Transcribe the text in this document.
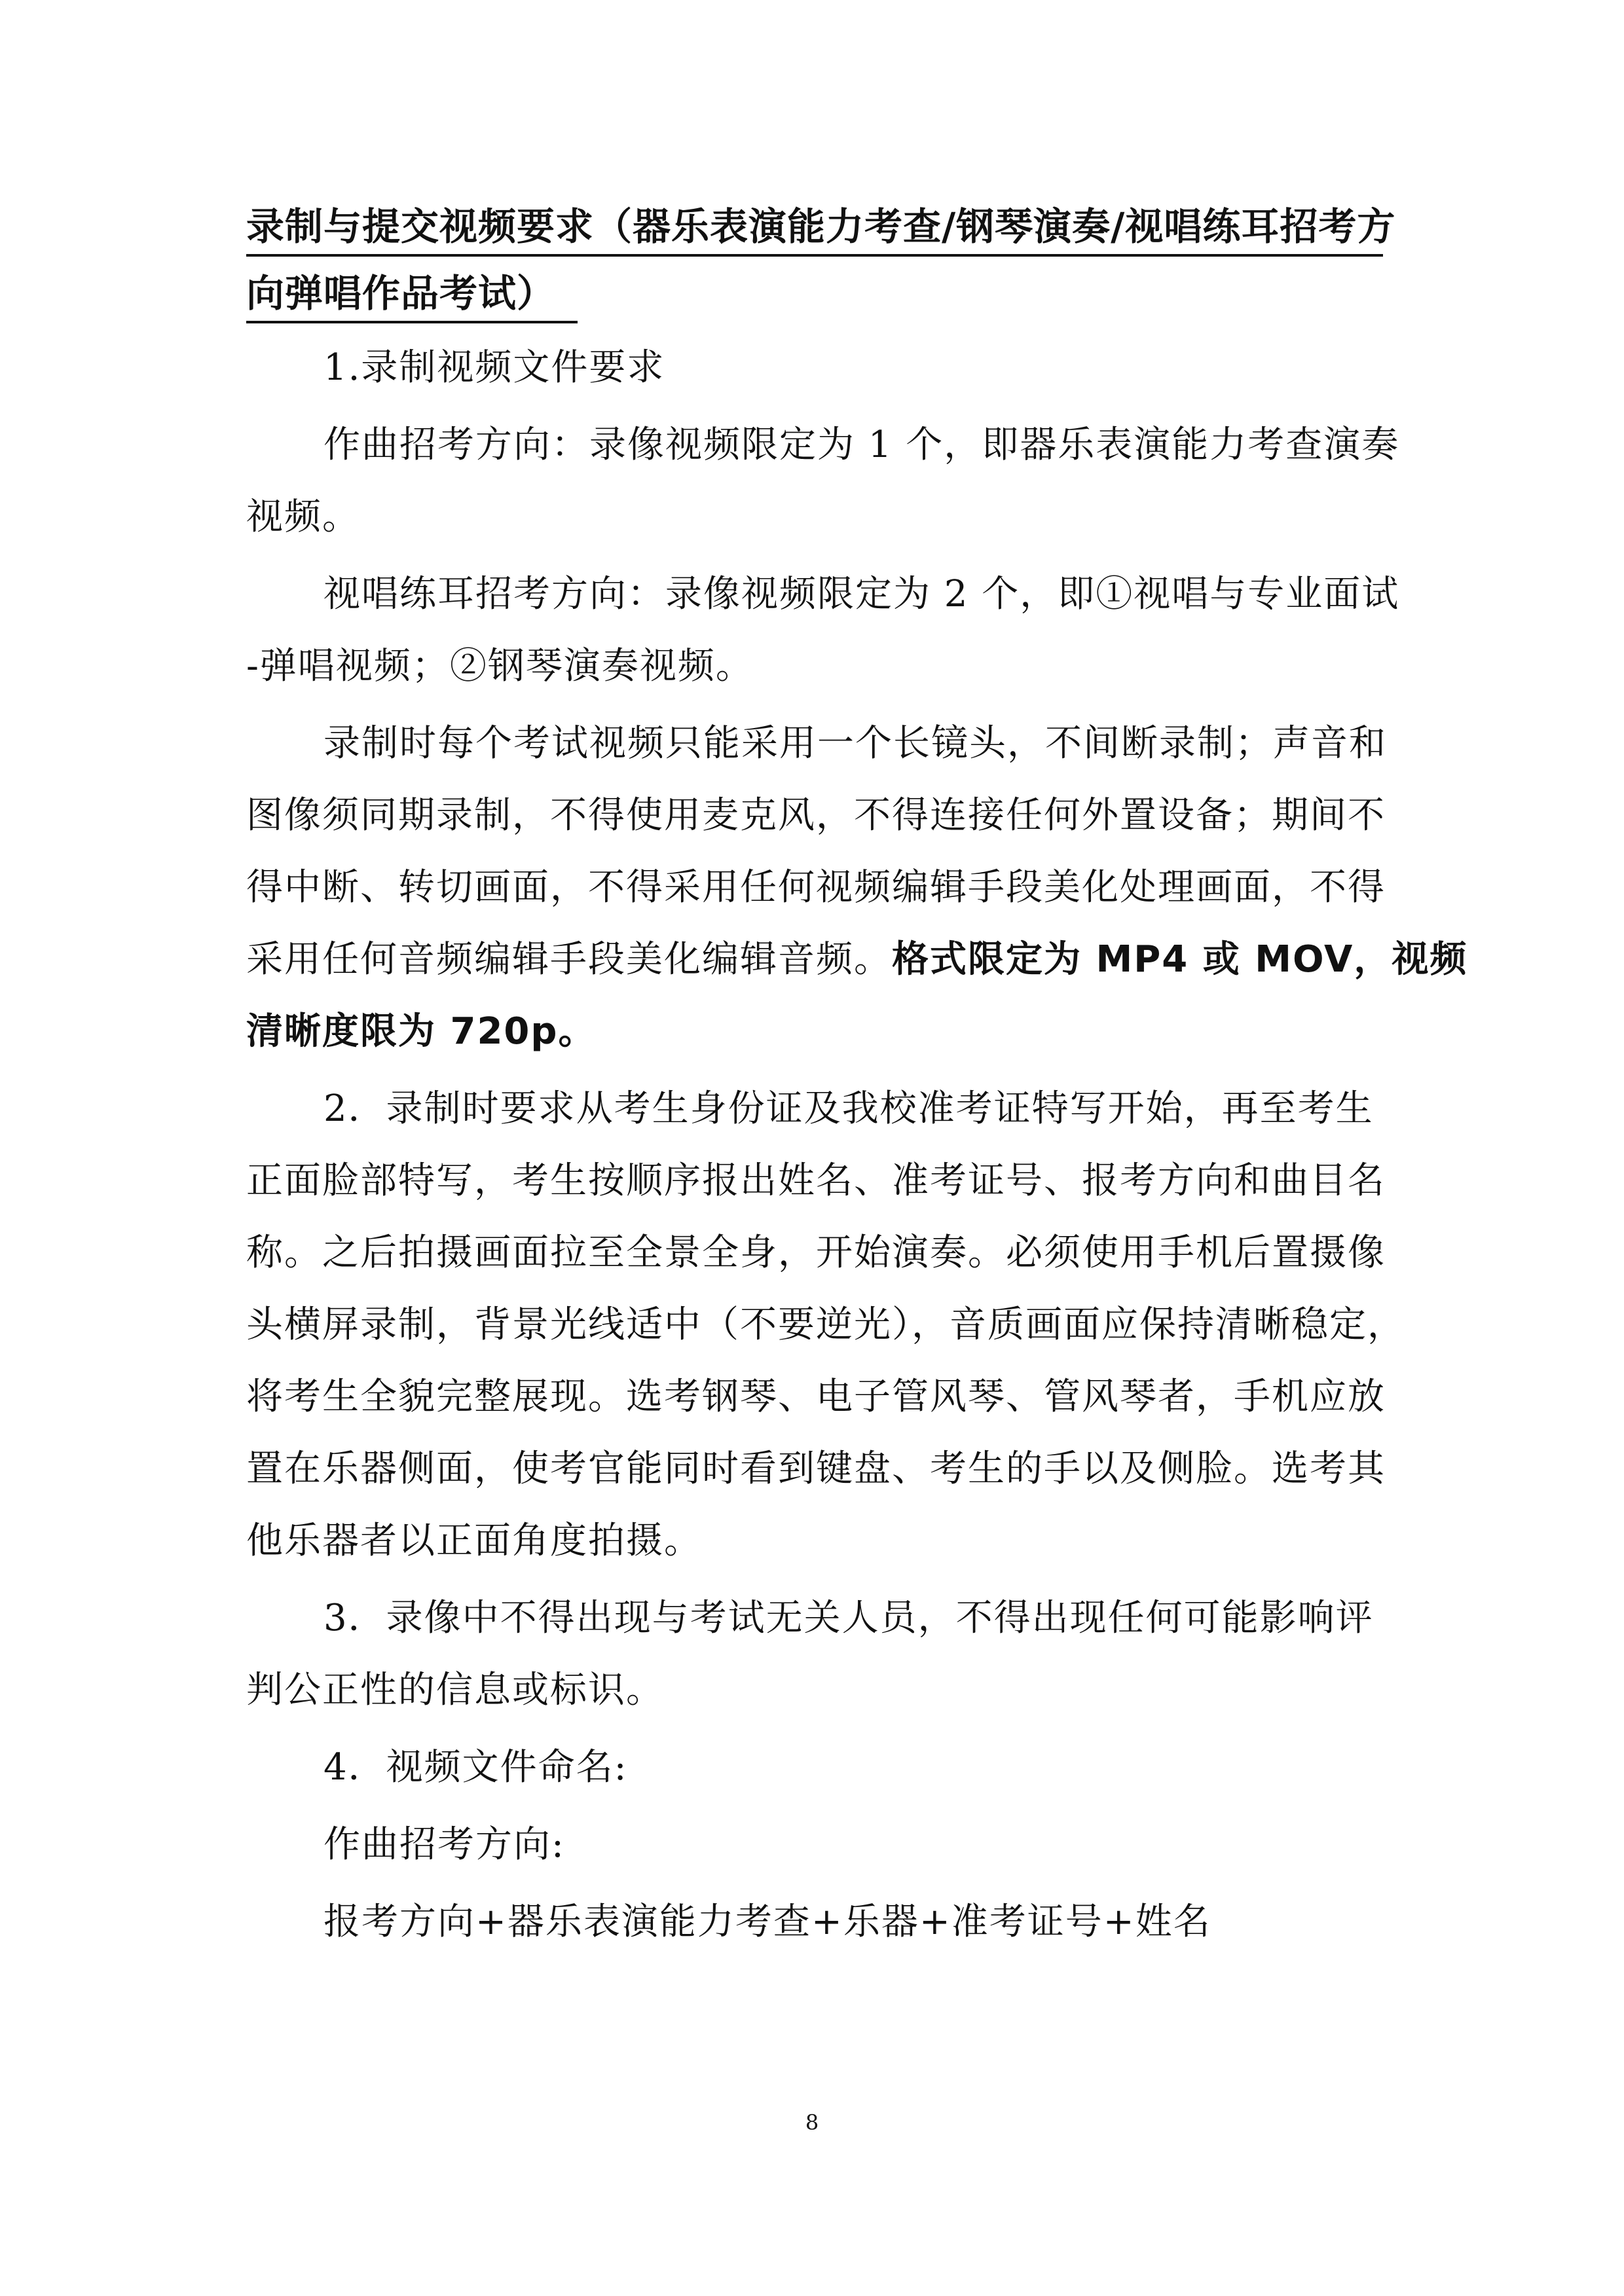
录制与提交视频要求（器乐表演能力考查/钢琴演奏/视唱练耳招考方
向弹唱作品考试）
1.录制视频文件要求
作曲招考方向：录像视频限定为 1 个，即器乐表演能力考查演奏
视频。
视唱练耳招考方向：录像视频限定为 2 个，即①视唱与专业面试
-弹唱视频；②钢琴演奏视频。
录制时每个考试视频只能采用一个长镜头，不间断录制；声音和
图像须同期录制，不得使用麦克风，不得连接任何外置设备；期间不
得中断、转切画面，不得采用任何视频编辑手段美化处理画面，不得
采用任何音频编辑手段美化编辑音频。格式限定为 MP4 或 MOV，视频
清晰度限为 720p。
2．录制时要求从考生身份证及我校准考证特写开始，再至考生
正面脸部特写，考生按顺序报出姓名、准考证号、报考方向和曲目名
称。之后拍摄画面拉至全景全身，开始演奏。必须使用手机后置摄像
头横屏录制，背景光线适中（不要逆光），音质画面应保持清晰稳定，
将考生全貌完整展现。选考钢琴、电子管风琴、管风琴者，手机应放
置在乐器侧面，使考官能同时看到键盘、考生的手以及侧脸。选考其
他乐器者以正面角度拍摄。
3．录像中不得出现与考试无关人员，不得出现任何可能影响评
判公正性的信息或标识。
4．视频文件命名:
作曲招考方向:
报考方向+器乐表演能力考查+乐器+准考证号+姓名
8
